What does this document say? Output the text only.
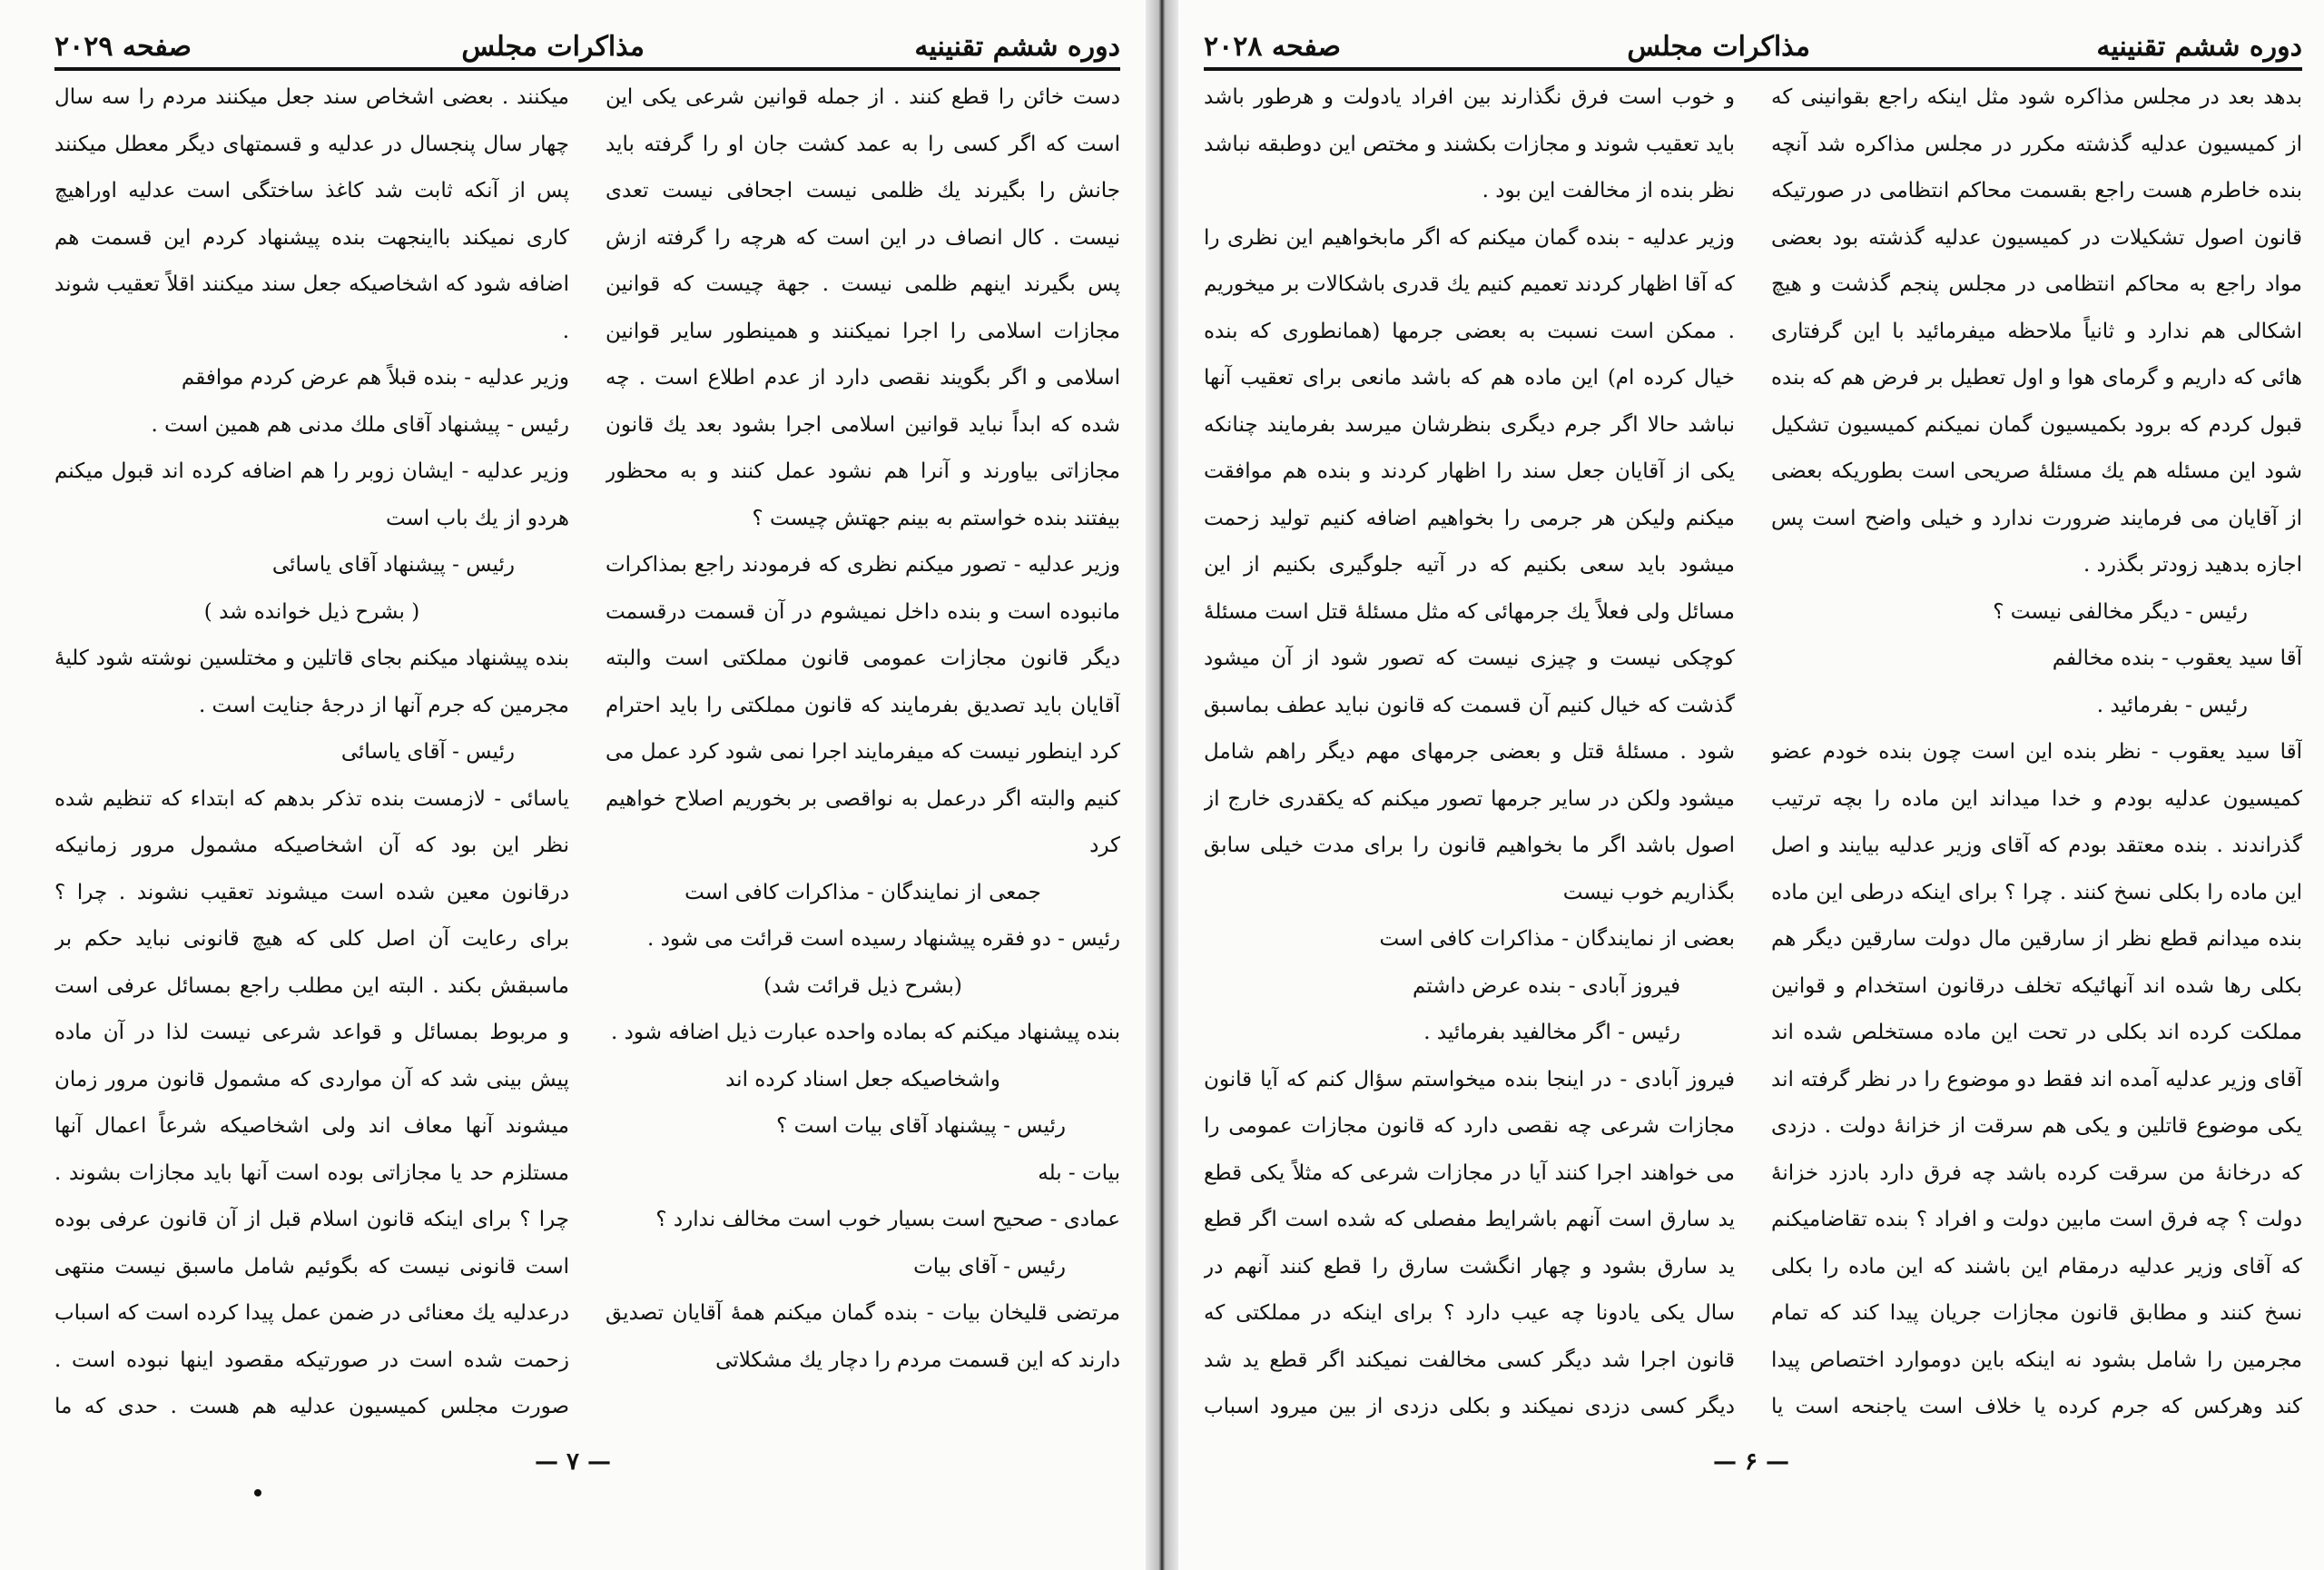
دوره ششم تقنینیه
مذاکرات مجلس
صفحه ۲۰۲۹

دست خائن را قطع کنند . از جمله قوانین شرعی یکی این است که اگر کسی را به عمد کشت جان او را گرفته باید جانش را بگیرند یك ظلمی نیست اجحافی نیست تعدی نیست . کال انصاف در این است که هرچه را گرفته ازش پس بگیرند اینهم ظلمی نیست . جهة چیست که قوانین مجازات اسلامی را اجرا نمیکنند و همینطور سایر قوانین اسلامی و اگر بگویند نقصی دارد از عدم اطلاع است . چه شده که ابداً نباید قوانین اسلامی اجرا بشود بعد یك قانون مجازاتی بیاورند و آنرا هم نشود عمل کنند و به محظور بیفتند بنده خواستم به بینم جهتش چیست ؟

وزیر عدلیه - تصور میکنم نظری که فرمودند راجع بمذاکرات مانبوده است و بنده داخل نمیشوم در آن قسمت درقسمت دیگر قانون مجازات عمومی قانون مملکتی است والبته آقایان باید تصدیق بفرمایند که قانون مملکتی را باید احترام کرد اینطور نیست که میفرمایند اجرا نمی شود کرد عمل می کنیم والبته اگر درعمل به نواقصی بر بخوریم اصلاح خواهیم کرد

جمعی از نمایندگان - مذاکرات کافی است

رئیس - دو فقره پیشنهاد رسیده است قرائت می شود .

(بشرح ذیل قرائت شد)

بنده پیشنهاد میکنم که بماده واحده عبارت ذیل اضافه شود .

واشخاصیکه جعل اسناد کرده اند

رئیس - پیشنهاد آقای بیات است ؟

بیات - بله

عمادی - صحیح است بسیار خوب است مخالف ندارد ؟

رئیس - آقای بیات

مرتضی قلیخان بیات - بنده گمان میکنم همهٔ آقایان تصدیق دارند که این قسمت مردم را دچار یك مشکلاتی

میکنند . بعضی اشخاص سند جعل میکنند مردم را سه سال چهار سال پنجسال در عدلیه و قسمتهای دیگر معطل میکنند پس از آنکه ثابت شد کاغذ ساختگی است عدلیه اوراهیچ کاری نمیکند بااینجهت بنده پیشنهاد کردم این قسمت هم اضافه شود که اشخاصیکه جعل سند میکنند اقلاً تعقیب شوند .

وزیر عدلیه - بنده قبلاً هم عرض کردم موافقم

رئیس - پیشنهاد آقای ملك مدنی هم همین است .

وزیر عدلیه - ایشان زوبر را هم اضافه کرده اند قبول میکنم هردو از یك باب است

رئیس - پیشنهاد آقای یاسائی

( بشرح ذیل خوانده شد )

بنده پیشنهاد میکنم بجای قاتلین و مختلسین نوشته شود کلیهٔ مجرمین که جرم آنها از درجهٔ جنایت است .

رئیس - آقای یاسائی

یاسائی - لازمست بنده تذکر بدهم که ابتداء که تنظیم شده نظر این بود که آن اشخاصیکه مشمول مرور زمانیکه درقانون معین شده است میشوند تعقیب نشوند . چرا ؟ برای رعایت آن اصل کلی که هیچ قانونی نباید حکم بر ماسبقش بکند . البته این مطلب راجع بمسائل عرفی است و مربوط بمسائل و قواعد شرعی نیست لذا در آن ماده پیش بینی شد که آن مواردی که مشمول قانون مرور زمان میشوند آنها معاف اند ولی اشخاصیکه شرعاً اعمال آنها مستلزم حد یا مجازاتی بوده است آنها باید مجازات بشوند . چرا ؟ برای اینکه قانون اسلام قبل از آن قانون عرفی بوده است قانونی نیست که بگوئیم شامل ماسبق نیست منتهی درعدلیه یك معنائی در ضمن عمل پیدا کرده است که اسباب زحمت شده است در صورتیکه مقصود اینها نبوده است . صورت مجلس کمیسیون عدلیه هم هست . حدی که ما

— ۷ —
دوره ششم تقنینیه
مذاکرات مجلس
صفحه ۲۰۲۸

بدهد بعد در مجلس مذاکره شود مثل اینکه راجع بقوانینی که از کمیسیون عدلیه گذشته مکرر در مجلس مذاکره شد آنچه بنده خاطرم هست راجع بقسمت محاکم انتظامی در صورتیکه قانون اصول تشکیلات در کمیسیون عدلیه گذشته بود بعضی مواد راجع به محاکم انتظامی در مجلس پنجم گذشت و هیچ اشکالی هم ندارد و ثانیاً ملاحظه میفرمائید با این گرفتاری هائی که داریم و گرمای هوا و اول تعطیل بر فرض هم که بنده قبول کردم که برود بکمیسیون گمان نمیکنم کمیسیون تشکیل شود این مسئله هم یك مسئلهٔ صریحی است بطوریکه بعضی از آقایان می فرمایند ضرورت ندارد و خیلی واضح است پس اجازه بدهید زودتر بگذرد .

رئیس - دیگر مخالفی نیست ؟

آقا سید یعقوب - بنده مخالفم

رئیس - بفرمائید .

آقا سید یعقوب - نظر بنده این است چون بنده خودم عضو کمیسیون عدلیه بودم و خدا میداند این ماده را بچه ترتیب گذراندند . بنده معتقد بودم که آقای وزیر عدلیه بیایند و اصل این ماده را بکلی نسخ کنند . چرا ؟ برای اینکه درطی این ماده بنده میدانم قطع نظر از سارقین مال دولت سارقین دیگر هم بکلی رها شده اند آنهائیکه تخلف درقانون استخدام و قوانین مملکت کرده اند بکلی در تحت این ماده مستخلص شده اند آقای وزیر عدلیه آمده اند فقط دو موضوع را در نظر گرفته اند یکی موضوع قاتلین و یکی هم سرقت از خزانهٔ دولت . دزدی که درخانهٔ من سرقت کرده باشد چه فرق دارد بادزد خزانهٔ دولت ؟ چه فرق است مابین دولت و افراد ؟ بنده تقاضامیکنم که آقای وزیر عدلیه درمقام این باشند که این ماده را بکلی نسخ کنند و مطابق قانون مجازات جریان پیدا کند که تمام مجرمین را شامل بشود نه اینکه باین دوموارد اختصاص پیدا کند وهرکس که جرم کرده یا خلاف است یاجنحه است یا

و خوب است فرق نگذارند بین افراد یادولت و هرطور باشد باید تعقیب شوند و مجازات بکشند و مختص این دوطبقه نباشد نظر بنده از مخالفت این بود .

وزیر عدلیه - بنده گمان میکنم که اگر مابخواهیم این نظری را که آقا اظهار کردند تعمیم کنیم یك قدری باشکالات بر میخوریم . ممکن است نسبت به بعضی جرمها (همانطوری که بنده خیال کرده ام) این ماده هم که باشد مانعی برای تعقیب آنها نباشد حالا اگر جرم دیگری بنظرشان میرسد بفرمایند چنانکه یکی از آقایان جعل سند را اظهار کردند و بنده هم موافقت میکنم ولیکن هر جرمی را بخواهیم اضافه کنیم تولید زحمت میشود باید سعی بکنیم که در آتیه جلوگیری بکنیم از این مسائل ولی فعلاً یك جرمهائی که مثل مسئلهٔ قتل است مسئلهٔ کوچکی نیست و چیزی نیست که تصور شود از آن میشود گذشت که خیال کنیم آن قسمت که قانون نباید عطف بماسبق شود . مسئلهٔ قتل و بعضی جرمهای مهم دیگر راهم شامل میشود ولکن در سایر جرمها تصور میکنم که یکقدری خارج از اصول باشد اگر ما بخواهیم قانون را برای مدت خیلی سابق بگذاریم خوب نیست

بعضی از نمایندگان - مذاکرات کافی است

فیروز آبادی - بنده عرض داشتم

رئیس - اگر مخالفید بفرمائید .

فیروز آبادی - در اینجا بنده میخواستم سؤال کنم که آیا قانون مجازات شرعی چه نقصی دارد که قانون مجازات عمومی را می خواهند اجرا کنند آیا در مجازات شرعی که مثلاً یکی قطع ید سارق است آنهم باشرایط مفصلی که شده است اگر قطع ید سارق بشود و چهار انگشت سارق را قطع کنند آنهم در سال یکی یادونا چه عیب دارد ؟ برای اینکه در مملکتی که قانون اجرا شد دیگر کسی مخالفت نمیکند اگر قطع ید شد دیگر کسی دزدی نمیکند و بکلی دزدی از بین میرود اسباب

— ۶ —
